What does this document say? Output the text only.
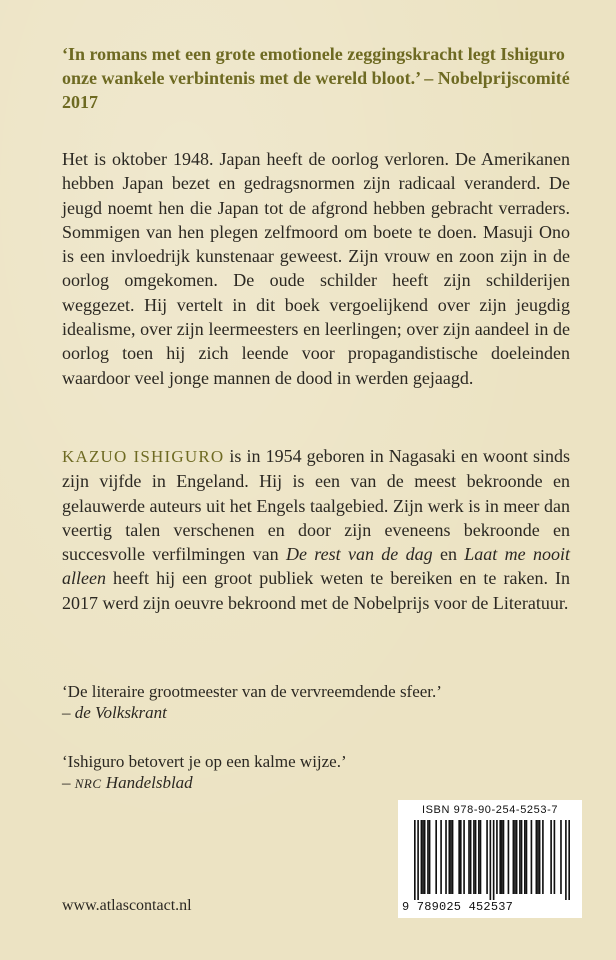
‘In romans met een grote emotionele zeggingskracht legt Ishiguro onze wankele verbintenis met de wereld bloot.’ – Nobelprijscomité 2017
Het is oktober 1948. Japan heeft de oorlog verloren. De Amerikanen hebben Japan bezet en gedragsnormen zijn radicaal veranderd. De jeugd noemt hen die Japan tot de afgrond hebben gebracht verraders. Sommigen van hen plegen zelfmoord om boete te doen. Masuji Ono is een invloedrijk kunstenaar geweest. Zijn vrouw en zoon zijn in de oorlog omgekomen. De oude schilder heeft zijn schilderijen weggezet. Hij vertelt in dit boek vergoelijkend over zijn jeugdig idealisme, over zijn leermeesters en leerlingen; over zijn aandeel in de oorlog toen hij zich leende voor propagandistische doeleinden waardoor veel jonge mannen de dood in werden gejaagd.
KAZUO ISHIGURO is in 1954 geboren in Nagasaki en woont sinds zijn vijfde in Engeland. Hij is een van de meest bekroonde en gelauwerde auteurs uit het Engels taalgebied. Zijn werk is in meer dan veertig talen verschenen en door zijn eveneens bekroonde en succesvolle verfilmingen van De rest van de dag en Laat me nooit alleen heeft hij een groot publiek weten te bereiken en te raken. In 2017 werd zijn oeuvre bekroond met de Nobelprijs voor de Literatuur.
‘De literaire grootmeester van de vervreemdende sfeer.’
– de Volkskrant
‘Ishiguro betovert je op een kalme wijze.’
– NRC Handelsblad
www.atlascontact.nl
ISBN 978-90-254-5253-7
9 789025 452537
